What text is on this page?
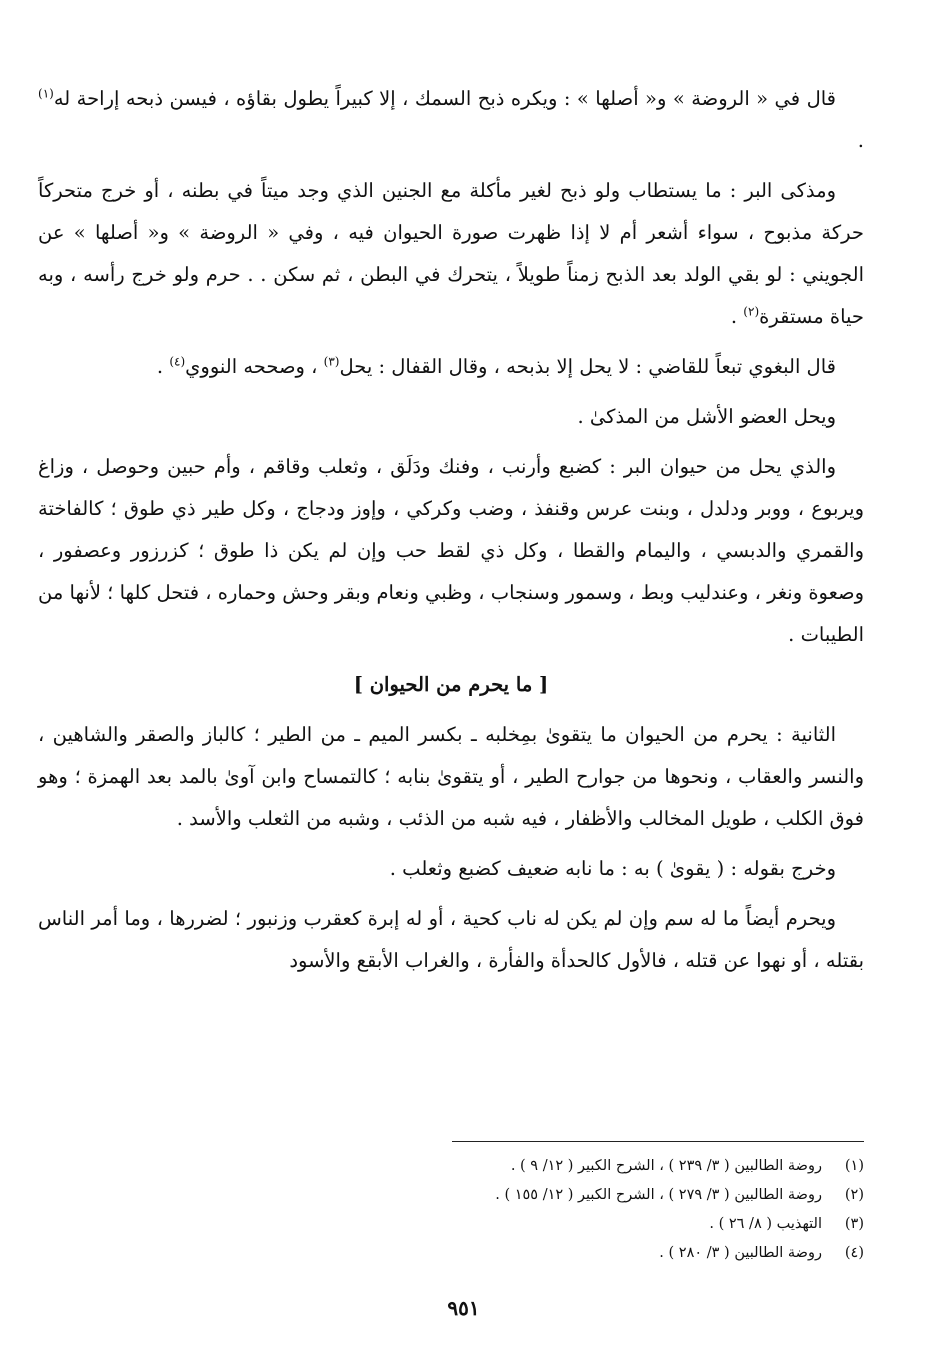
قال في « الروضة » و« أصلها » : ويكره ذبح السمك ، إلا كبيراً يطول بقاؤه ، فيسن ذبحه إراحة له$^{(١)}$ .

ومذكى البر : ما يستطاب ولو ذبح لغير مأكلة مع الجنين الذي وجد ميتاً في بطنه ، أو خرج متحركاً حركة مذبوح ، سواء أشعر أم لا إذا ظهرت صورة الحيوان فيه ، وفي « الروضة » و« أصلها » عن الجويني : لو بقي الولد بعد الذبح زمناً طويلاً ، يتحرك في البطن ، ثم سكن . . حرم ولو خرج رأسه ، وبه حياة مستقرة$^{(٢)}$ .

قال البغوي تبعاً للقاضي : لا يحل إلا بذبحه ، وقال القفال : يحل$^{(٣)}$ ، وصححه النووي$^{(٤)}$ .

ويحل العضو الأشل من المذكىٰ .

والذي يحل من حيوان البر : كضبع وأرنب ، وفنك ودَلَق ، وثعلب وقاقم ، وأم حبين وحوصل ، وزاغ ويربوع ، ووبر ودلدل ، وبنت عرس وقنفذ ، وضب وكركي ، وإوز ودجاج ، وكل طير ذي طوق ؛ كالفاختة والقمري والدبسي ، واليمام والقطا ، وكل ذي لقط حب وإن لم يكن ذا طوق ؛ كزرزور وعصفور ، وصعوة ونغر ، وعندليب وبط ، وسمور وسنجاب ، وظبي ونعام وبقر وحش وحماره ، فتحل كلها ؛ لأنها من الطيبات .

[ ما يحرم من الحيوان ]

الثانية : يحرم من الحيوان ما يتقوىٰ بمِخلبه ـ بكسر الميم ـ من الطير ؛ كالباز والصقر والشاهين ، والنسر والعقاب ، ونحوها من جوارح الطير ، أو يتقوىٰ بنابه ؛ كالتمساح وابن آوىٰ بالمد بعد الهمزة ؛ وهو فوق الكلب ، طويل المخالب والأظفار ، فيه شبه من الذئب ، وشبه من الثعلب والأسد .

وخرج بقوله : ( يقوىٰ ) به : ما نابه ضعيف كضبع وثعلب .

ويحرم أيضاً ما له سم وإن لم يكن له ناب كحية ، أو له إبرة كعقرب وزنبور ؛ لضررها ، وما أمر الناس بقتله ، أو نهوا عن قتله ، فالأول كالحدأة والفأرة ، والغراب الأبقع والأسود

(١)
روضة الطالبين ( ٣/ ٢٣٩ ) ، الشرح الكبير ( ١٢/ ٩ ) .
(٢)
روضة الطالبين ( ٣/ ٢٧٩ ) ، الشرح الكبير ( ١٢/ ١٥٥ ) .
(٣)
التهذيب ( ٨/ ٢٦ ) .
(٤)
روضة الطالبين ( ٣/ ٢٨٠ ) .
٩٥١
